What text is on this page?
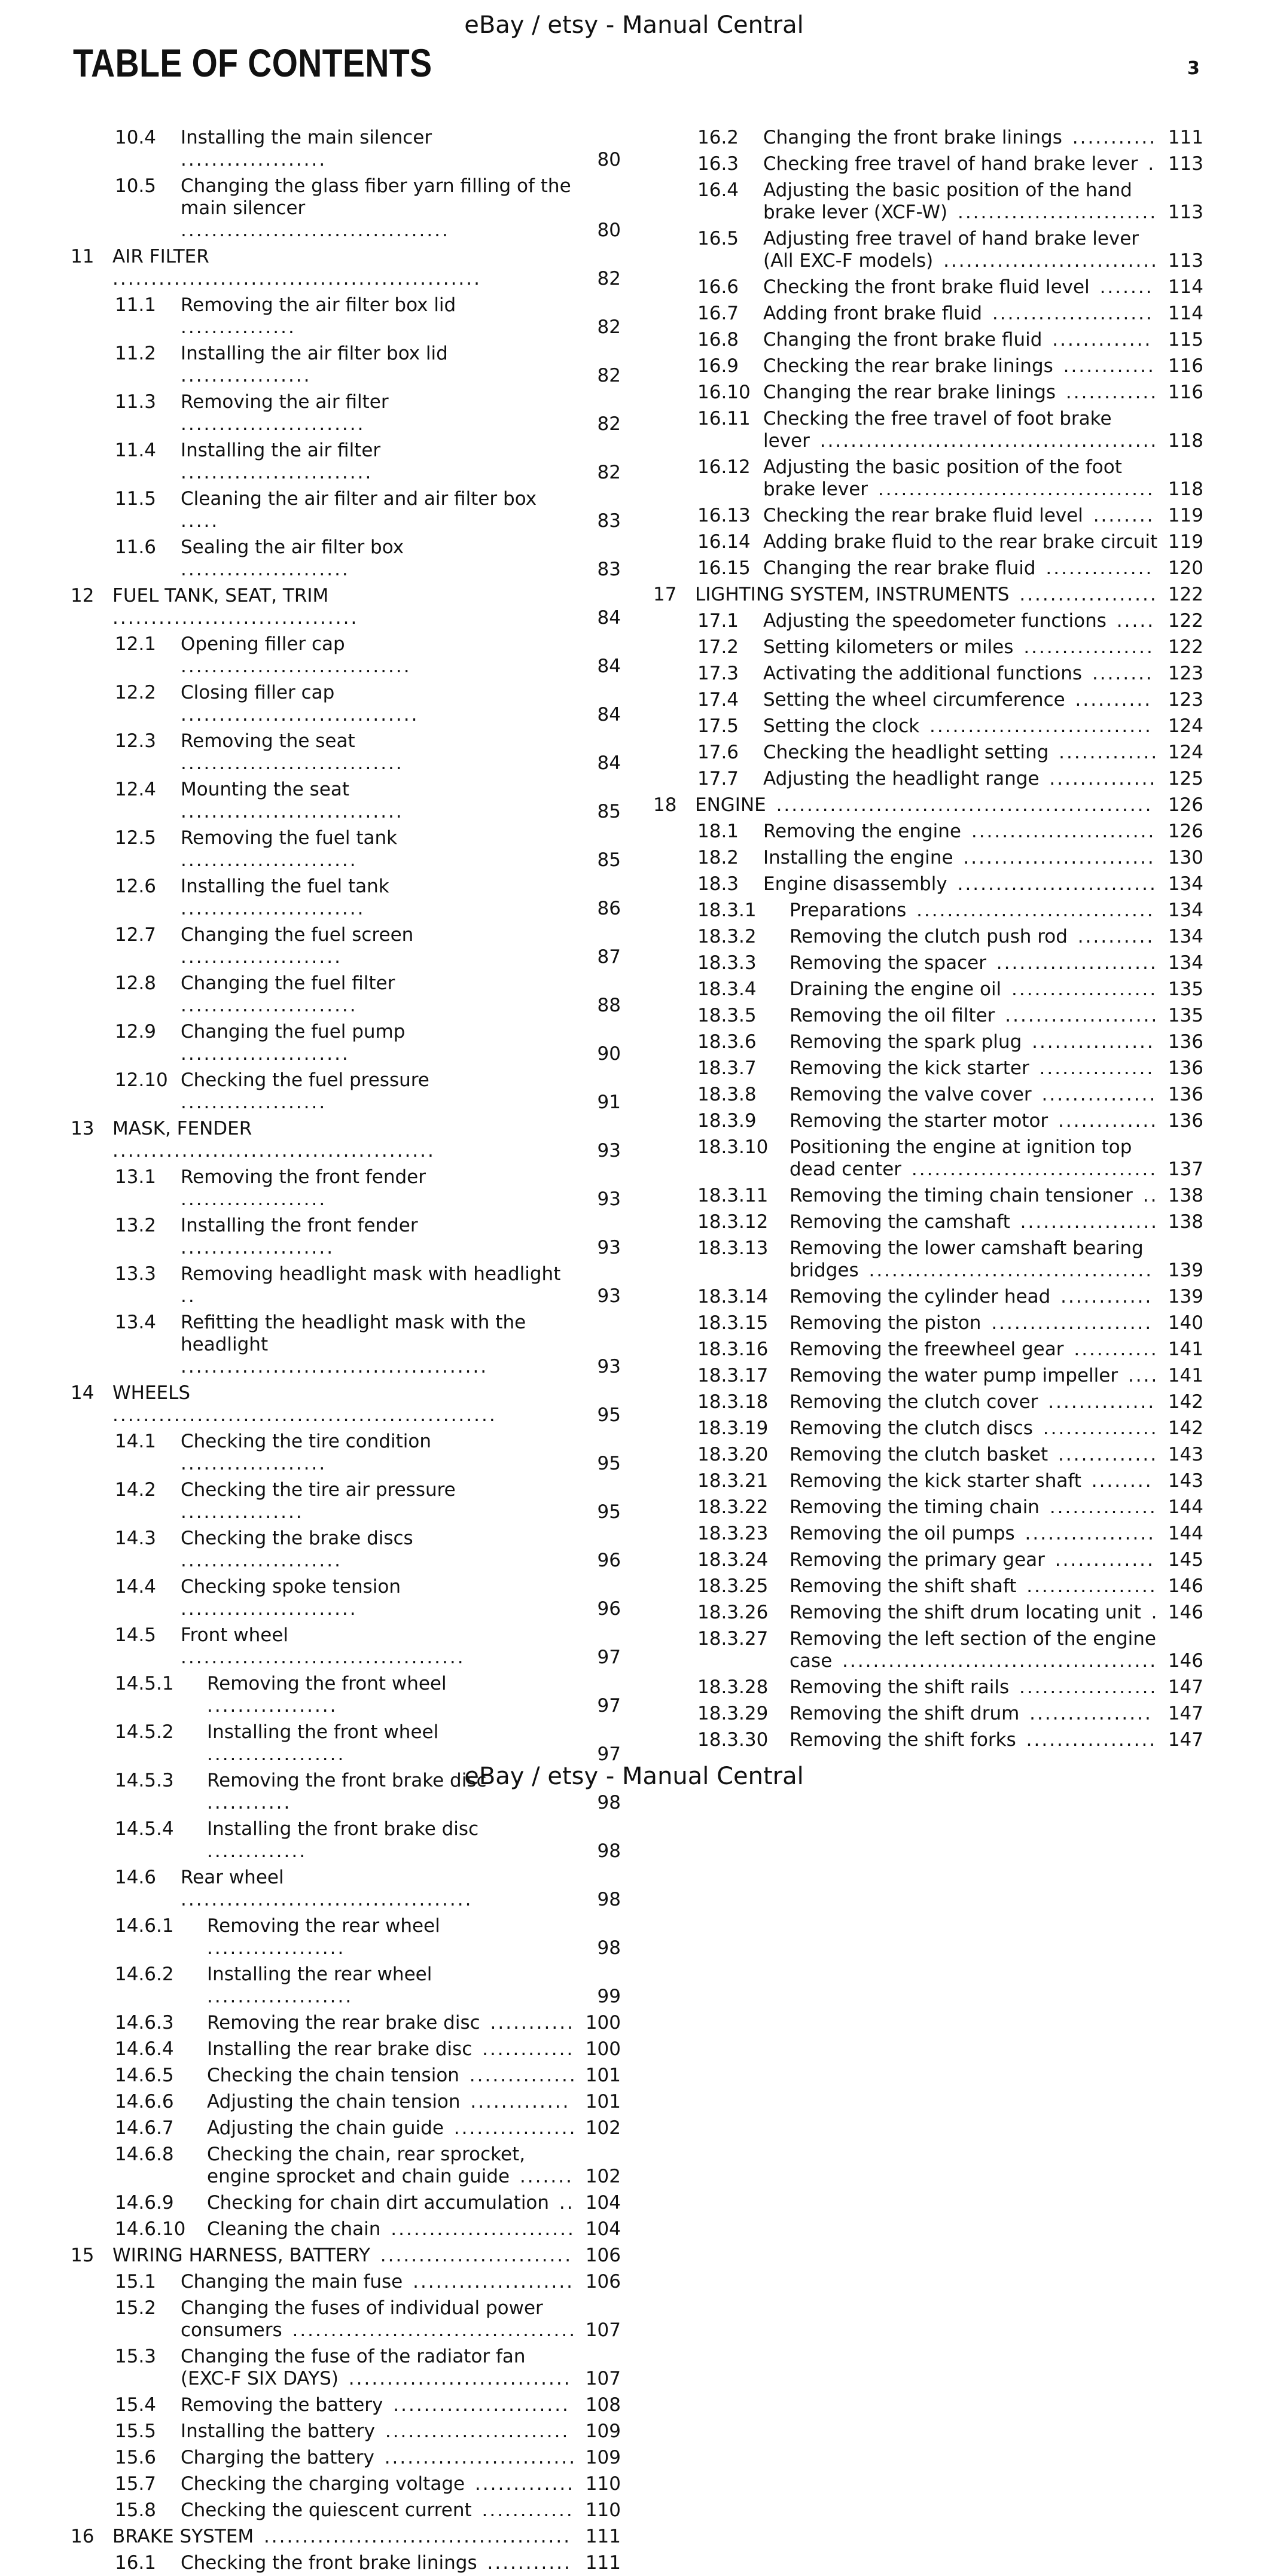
eBay / etsy - Manual Central
TABLE OF CONTENTS	3
10.4 Installing the main silencer ...................	80
10.5 Changing the glass fiber yarn filling of the main silencer ...................................	80
11 AIR FILTER ................................................	82
11.1 Removing the air filter box lid ...............	82
11.2 Installing the air filter box lid .................	82
11.3 Removing the air filter ........................	82
11.4 Installing the air filter .........................	82
11.5 Cleaning the air filter and air filter box .....	83
11.6 Sealing the air filter box ......................	83
12 FUEL TANK, SEAT, TRIM ................................	84
12.1 Opening filler cap ..............................	84
12.2 Closing filler cap ...............................	84
12.3 Removing the seat .............................	84
12.4 Mounting the seat .............................	85
12.5 Removing the fuel tank .......................	85
12.6 Installing the fuel tank ........................	86
12.7 Changing the fuel screen .....................	87
12.8 Changing the fuel filter .......................	88
12.9 Changing the fuel pump ......................	90
12.10 Checking the fuel pressure ...................	91
13 MASK, FENDER ..........................................	93
13.1 Removing the front fender ...................	93
13.2 Installing the front fender ....................	93
13.3 Removing headlight mask with headlight ..	93
13.4 Refitting the headlight mask with the headlight ........................................	93
14 WHEELS ..................................................	95
14.1 Checking the tire condition ...................	95
14.2 Checking the tire air pressure ................	95
14.3 Checking the brake discs .....................	96
14.4 Checking spoke tension .......................	96
14.5 Front wheel .....................................	97
14.5.1 Removing the front wheel .................	97
14.5.2 Installing the front wheel ..................	97
14.5.3 Removing the front brake disc ...........	98
14.5.4 Installing the front brake disc .............	98
14.6 Rear wheel ......................................	98
14.6.1 Removing the rear wheel ..................	98
14.6.2 Installing the rear wheel ...................	99
14.6.3 Removing the rear brake disc ........... 100
14.6.4 Installing the rear brake disc ............ 100
14.6.5 Checking the chain tension .............. 101
14.6.6 Adjusting the chain tension ............. 101
14.6.7 Adjusting the chain guide ................ 102
14.6.8 Checking the chain, rear sprocket, engine sprocket and chain guide ....... 102
14.6.9 Checking for chain dirt accumulation .. 104
14.6.10 Cleaning the chain ........................ 104
15 WIRING HARNESS, BATTERY ......................... 106
15.1 Changing the main fuse ..................... 106
15.2 Changing the fuses of individual power consumers ..................................... 107
15.3 Changing the fuse of the radiator fan (EXC-F SIX DAYS) ............................. 107
15.4 Removing the battery ....................... 108
15.5 Installing the battery ........................ 109
15.6 Charging the battery ......................... 109
15.7 Checking the charging voltage ............. 110
15.8 Checking the quiescent current ............ 110
16 BRAKE SYSTEM ........................................ 111
16.1 Checking the front brake linings ........... 111
16.2 Changing the front brake linings ........... 111
16.3 Checking free travel of hand brake lever . 113
16.4 Adjusting the basic position of the hand brake lever (XCF-W) .......................... 113
16.5 Adjusting free travel of hand brake lever (All EXC-F models) ............................ 113
16.6 Checking the front brake fluid level ....... 114
16.7 Adding front brake fluid ..................... 114
16.8 Changing the front brake fluid ............. 115
16.9 Checking the rear brake linings ............ 116
16.10 Changing the rear brake linings ............ 116
16.11 Checking the free travel of foot brake lever ............................................ 118
16.12 Adjusting the basic position of the foot brake lever .................................... 118
16.13 Checking the rear brake fluid level ........ 119
16.14 Adding brake fluid to the rear brake circuit 119
16.15 Changing the rear brake fluid .............. 120
17 LIGHTING SYSTEM, INSTRUMENTS .................. 122
17.1 Adjusting the speedometer functions ..... 122
17.2 Setting kilometers or miles ................. 122
17.3 Activating the additional functions ........ 123
17.4 Setting the wheel circumference .......... 123
17.5 Setting the clock ............................. 124
17.6 Checking the headlight setting ............. 124
17.7 Adjusting the headlight range .............. 125
18 ENGINE ................................................. 126
18.1 Removing the engine ........................ 126
18.2 Installing the engine ......................... 130
18.3 Engine disassembly .......................... 134
18.3.1 Preparations ............................... 134
18.3.2 Removing the clutch push rod .......... 134
18.3.3 Removing the spacer ..................... 134
18.3.4 Draining the engine oil ................... 135
18.3.5 Removing the oil filter .................... 135
18.3.6 Removing the spark plug ................ 136
18.3.7 Removing the kick starter ............... 136
18.3.8 Removing the valve cover ............... 136
18.3.9 Removing the starter motor ............. 136
18.3.10 Positioning the engine at ignition top dead center ................................ 137
18.3.11 Removing the timing chain tensioner .. 138
18.3.12 Removing the camshaft .................. 138
18.3.13 Removing the lower camshaft bearing bridges ..................................... 139
18.3.14 Removing the cylinder head ............ 139
18.3.15 Removing the piston ..................... 140
18.3.16 Removing the freewheel gear ........... 141
18.3.17 Removing the water pump impeller .... 141
18.3.18 Removing the clutch cover .............. 142
18.3.19 Removing the clutch discs ............... 142
18.3.20 Removing the clutch basket ............. 143
18.3.21 Removing the kick starter shaft ........ 143
18.3.22 Removing the timing chain .............. 144
18.3.23 Removing the oil pumps ................. 144
18.3.24 Removing the primary gear ............. 145
18.3.25 Removing the shift shaft ................. 146
18.3.26 Removing the shift drum locating unit . 146
18.3.27 Removing the left section of the engine case ......................................... 146
18.3.28 Removing the shift rails .................. 147
18.3.29 Removing the shift drum ................ 147
18.3.30 Removing the shift forks ................. 147
eBay / etsy - Manual Central
